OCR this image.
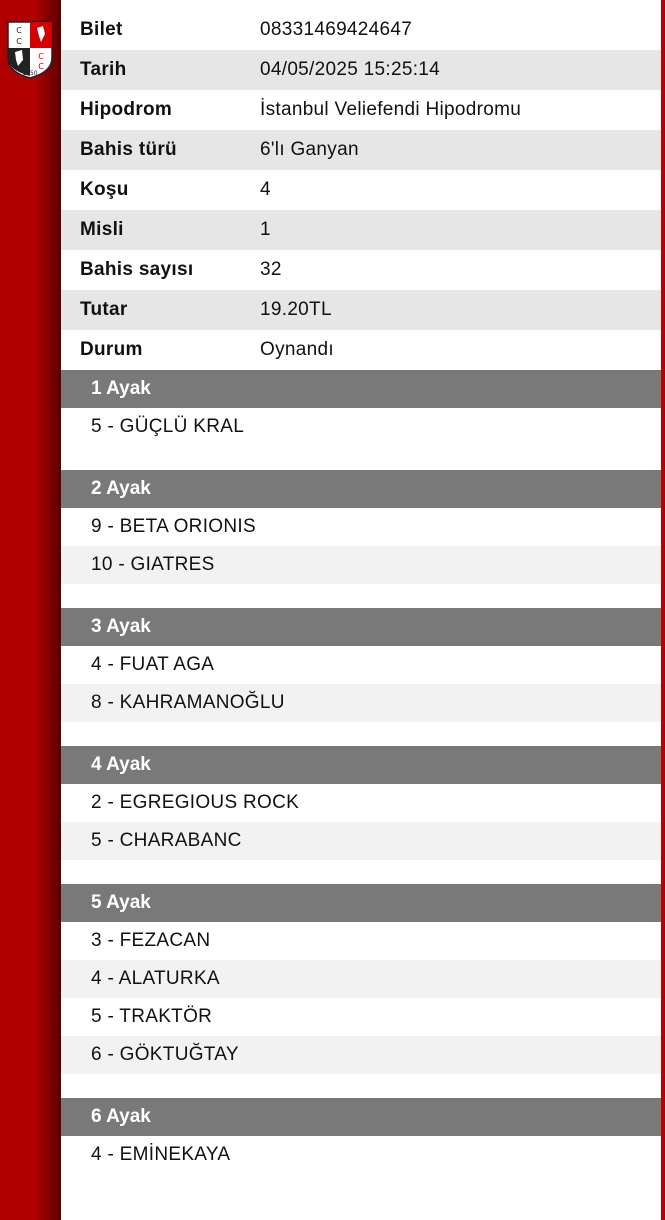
C
C
C
C
1950
Bilet	08331469424647
Tarih	04/05/2025 15:25:14
Hipodrom	İstanbul Veliefendi Hipodromu
Bahis türü	6'lı Ganyan
Koşu	4
Misli	1
Bahis sayısı	32
Tutar	19.20TL
Durum	Oynandı
1 Ayak
5 - GÜÇLÜ KRAL
2 Ayak
9 - BETA ORIONIS
10 - GIATRES
3 Ayak
4 - FUAT AGA
8 - KAHRAMANOĞLU
4 Ayak
2 - EGREGIOUS ROCK
5 - CHARABANC
5 Ayak
3 - FEZACAN
4 - ALATURKA
5 - TRAKTÖR
6 - GÖKTUĞTAY
6 Ayak
4 - EMİNEKAYA
